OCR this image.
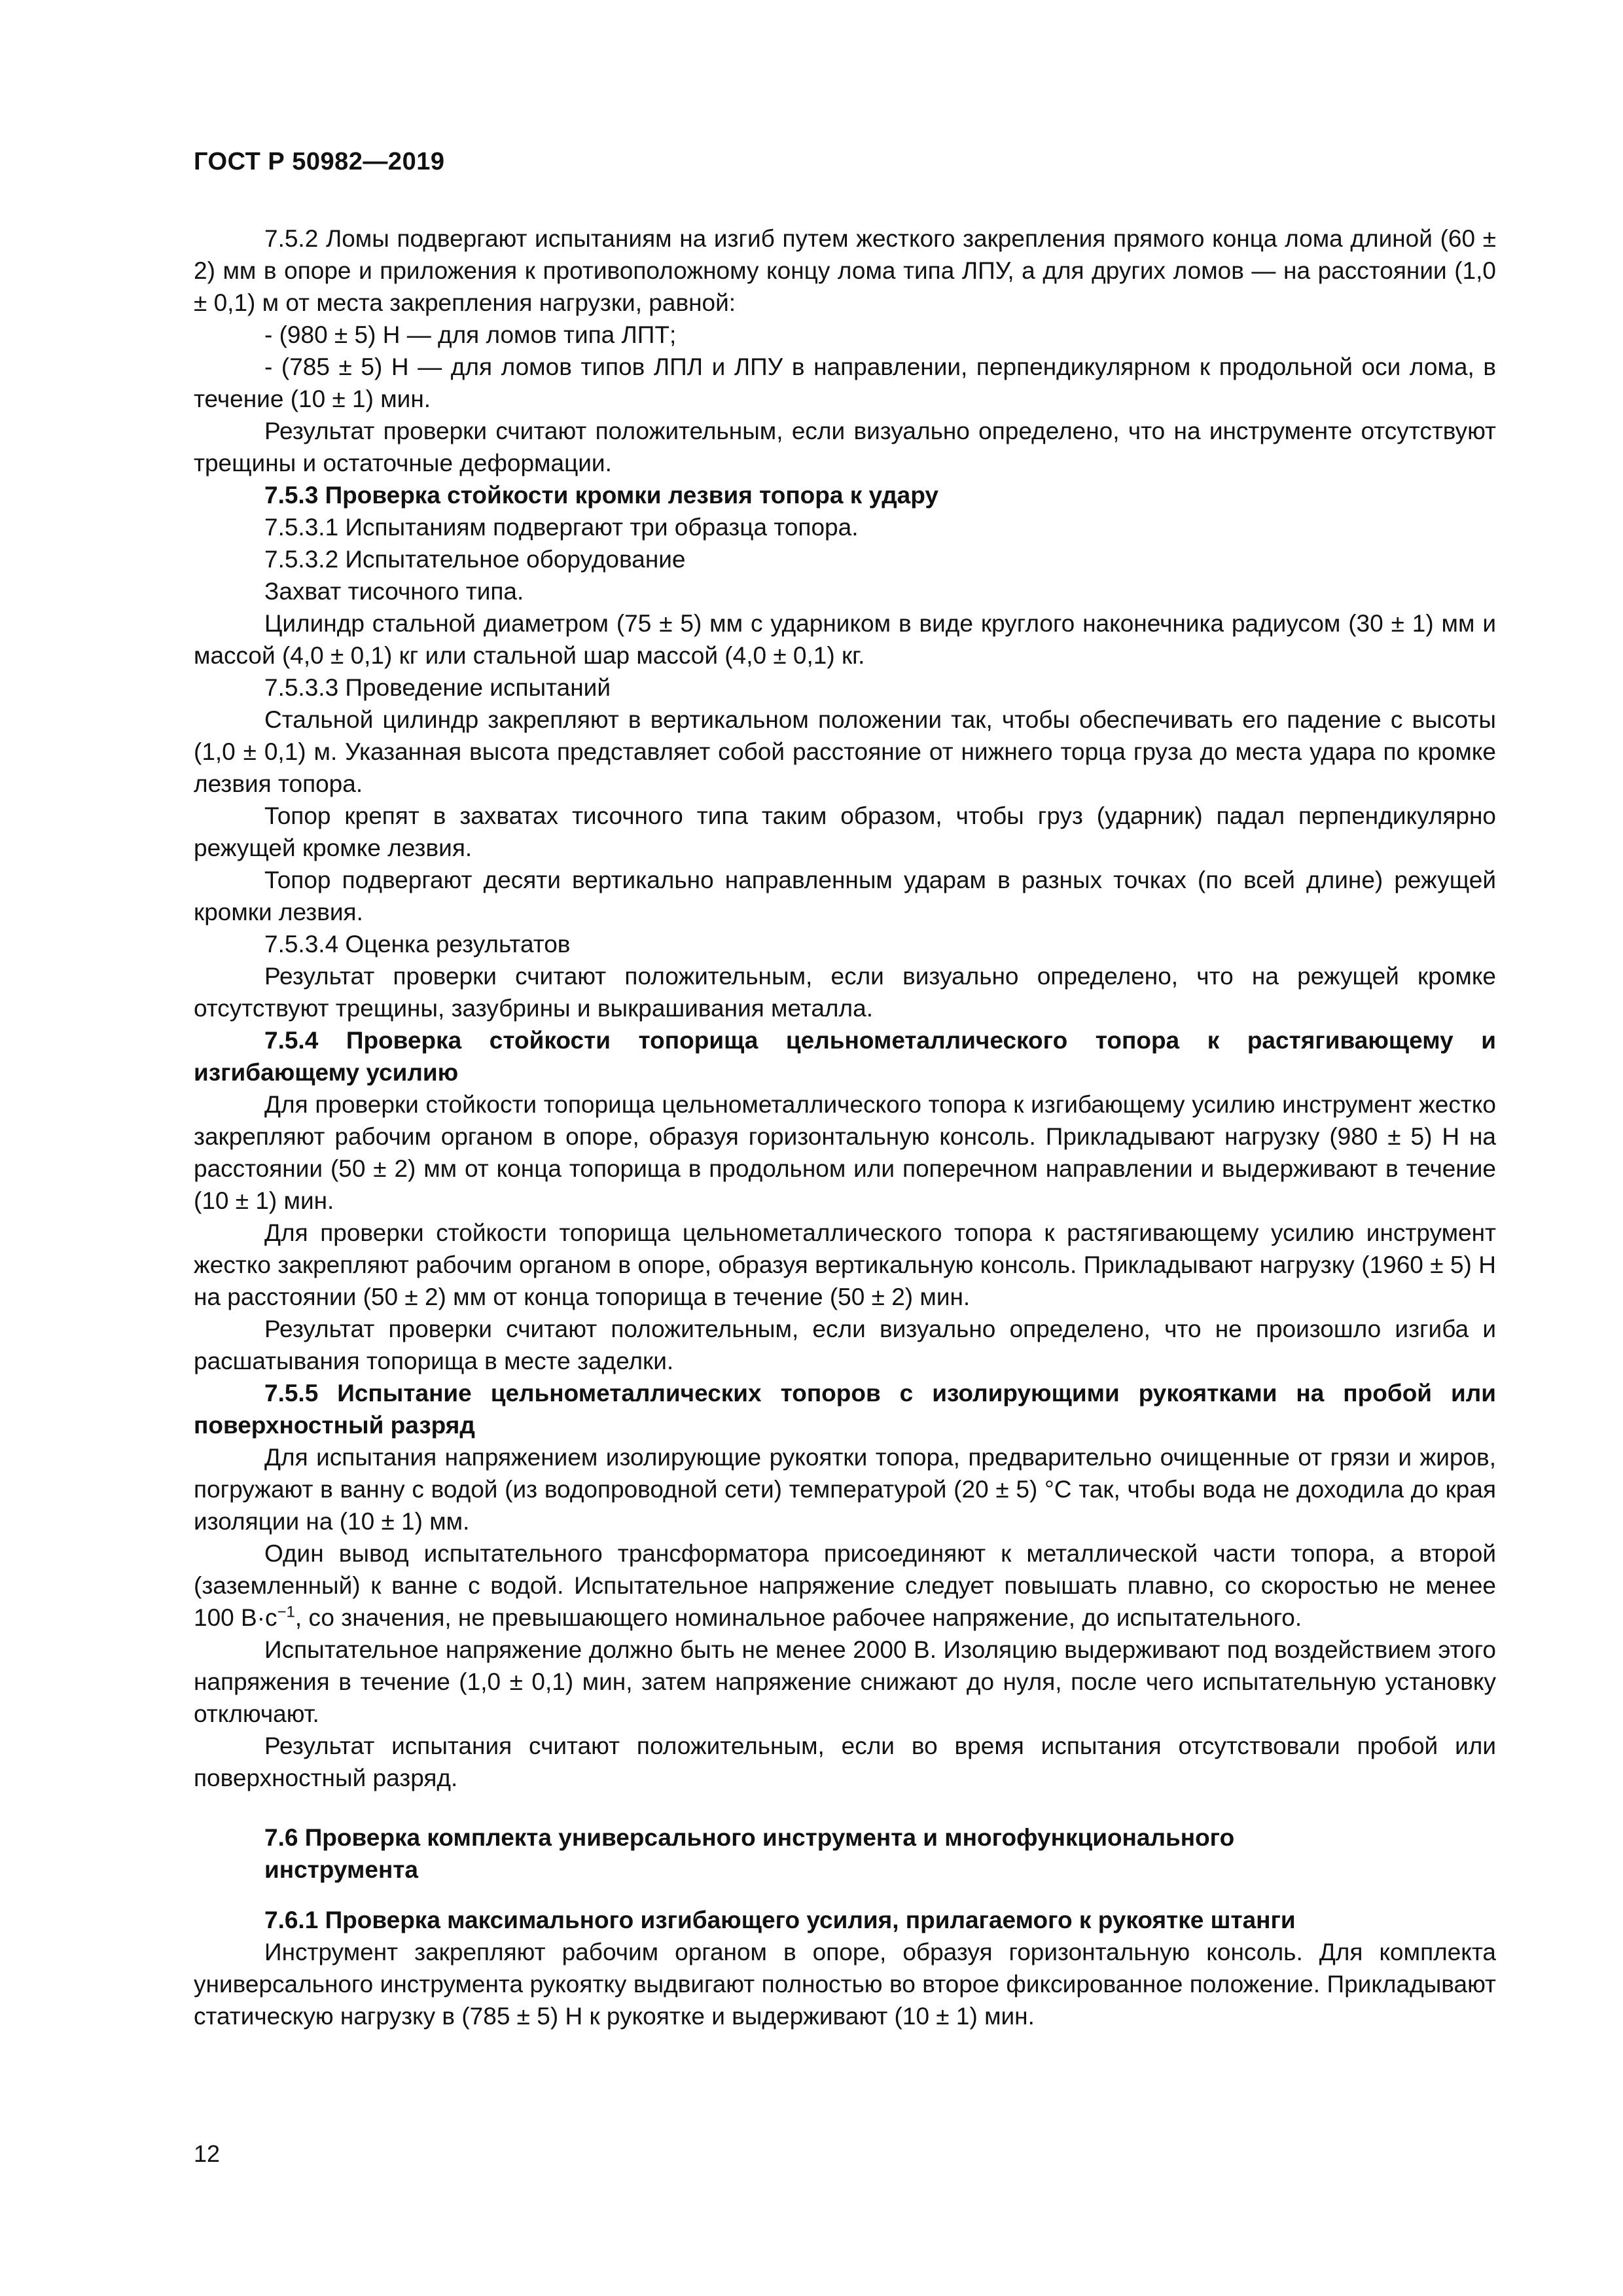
ГОСТ Р 50982—2019

7.5.2 Ломы подвергают испытаниям на изгиб путем жесткого закрепления прямого конца лома длиной (60 ± 2) мм в опоре и приложения к противоположному концу лома типа ЛПУ, а для других ломов — на расстоянии (1,0 ± 0,1) м от места закрепления нагрузки, равной:

- (980 ± 5) Н — для ломов типа ЛПТ;

- (785 ± 5) Н — для ломов типов ЛПЛ и ЛПУ в направлении, перпендикулярном к продольной оси лома, в течение (10 ± 1) мин.

Результат проверки считают положительным, если визуально определено, что на инструменте отсутствуют трещины и остаточные деформации.

7.5.3 Проверка стойкости кромки лезвия топора к удару

7.5.3.1 Испытаниям подвергают три образца топора.

7.5.3.2 Испытательное оборудование

Захват тисочного типа.

Цилиндр стальной диаметром (75 ± 5) мм с ударником в виде круглого наконечника радиусом (30 ± 1) мм и массой (4,0 ± 0,1) кг или стальной шар массой (4,0 ± 0,1) кг.

7.5.3.3 Проведение испытаний

Стальной цилиндр закрепляют в вертикальном положении так, чтобы обеспечивать его падение с высоты (1,0 ± 0,1) м. Указанная высота представляет собой расстояние от нижнего торца груза до места удара по кромке лезвия топора.

Топор крепят в захватах тисочного типа таким образом, чтобы груз (ударник) падал перпендикулярно режущей кромке лезвия.

Топор подвергают десяти вертикально направленным ударам в разных точках (по всей длине) режущей кромки лезвия.

7.5.3.4 Оценка результатов

Результат проверки считают положительным, если визуально определено, что на режущей кромке отсутствуют трещины, зазубрины и выкрашивания металла.

7.5.4 Проверка стойкости топорища цельнометаллического топора к растягивающему и изгибающему усилию

Для проверки стойкости топорища цельнометаллического топора к изгибающему усилию инструмент жестко закрепляют рабочим органом в опоре, образуя горизонтальную консоль. Прикладывают нагрузку (980 ± 5) Н на расстоянии (50 ± 2) мм от конца топорища в продольном или поперечном направлении и выдерживают в течение (10 ± 1) мин.

Для проверки стойкости топорища цельнометаллического топора к растягивающему усилию инструмент жестко закрепляют рабочим органом в опоре, образуя вертикальную консоль. Прикладывают нагрузку (1960 ± 5) Н на расстоянии (50 ± 2) мм от конца топорища в течение (50 ± 2) мин.

Результат проверки считают положительным, если визуально определено, что не произошло изгиба и расшатывания топорища в месте заделки.

7.5.5 Испытание цельнометаллических топоров с изолирующими рукоятками на пробой или поверхностный разряд

Для испытания напряжением изолирующие рукоятки топора, предварительно очищенные от грязи и жиров, погружают в ванну с водой (из водопроводной сети) температурой (20 ± 5) °С так, чтобы вода не доходила до края изоляции на (10 ± 1) мм.

Один вывод испытательного трансформатора присоединяют к металлической части топора, а второй (заземленный) к ванне с водой. Испытательное напряжение следует повышать плавно, со скоростью не менее 100 $В\cdot с^{-1}$, со значения, не превышающего номинальное рабочее напряжение, до испытательного.

Испытательное напряжение должно быть не менее 2000 В. Изоляцию выдерживают под воздействием этого напряжения в течение (1,0 ± 0,1) мин, затем напряжение снижают до нуля, после чего испытательную установку отключают.

Результат испытания считают положительным, если во время испытания отсутствовали пробой или поверхностный разряд.

7.6 Проверка комплекта универсального инструмента и многофункционального инструмента

7.6.1 Проверка максимального изгибающего усилия, прилагаемого к рукоятке штанги

Инструмент закрепляют рабочим органом в опоре, образуя горизонтальную консоль. Для комплекта универсального инструмента рукоятку выдвигают полностью во второе фиксированное положение. Прикладывают статическую нагрузку в (785 ± 5) Н к рукоятке и выдерживают (10 ± 1) мин.

12
